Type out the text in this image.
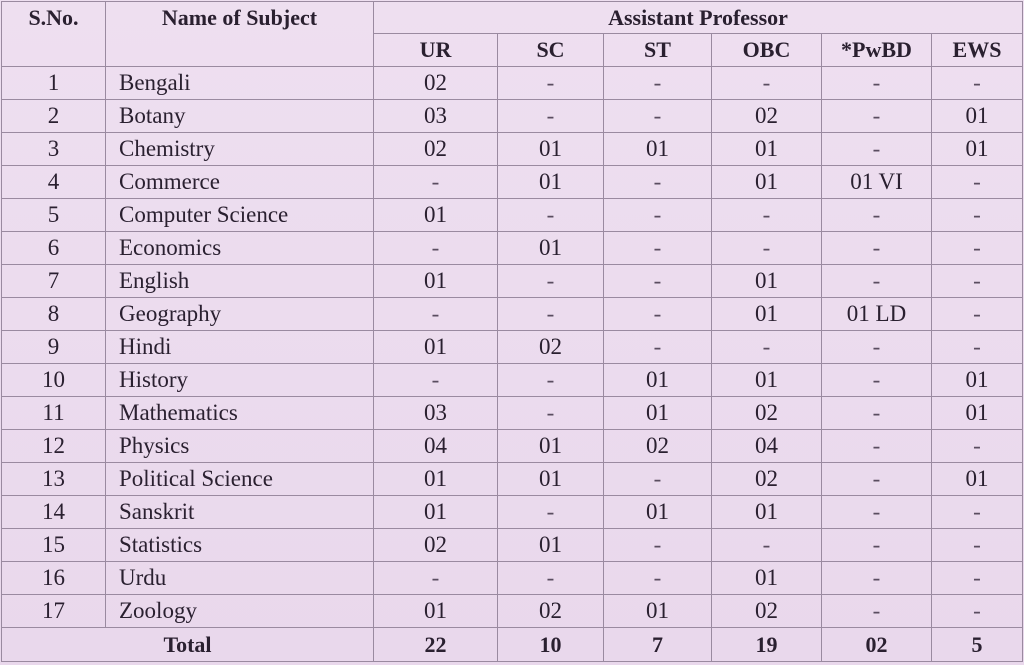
S.No.	Name of Subject	Assistant Professor					
		UR	SC	ST	OBC	*PwBD	EWS
1	Bengali	02	-	-	-	-	-
2	Botany	03	-	-	02	-	01
3	Chemistry	02	01	01	01	-	01
4	Commerce	-	01	-	01	01 VI	-
5	Computer Science	01	-	-	-	-	-
6	Economics	-	01	-	-	-	-
7	English	01	-	-	01	-	-
8	Geography	-	-	-	01	01 LD	-
9	Hindi	01	02	-	-	-	-
10	History	-	-	01	01	-	01
11	Mathematics	03	-	01	02	-	01
12	Physics	04	01	02	04	-	-
13	Political Science	01	01	-	02	-	01
14	Sanskrit	01	-	01	01	-	-
15	Statistics	02	01	-	-	-	-
16	Urdu	-	-	-	01	-	-
17	Zoology	01	02	01	02	-	-
Total		22	10	7	19	02	5
